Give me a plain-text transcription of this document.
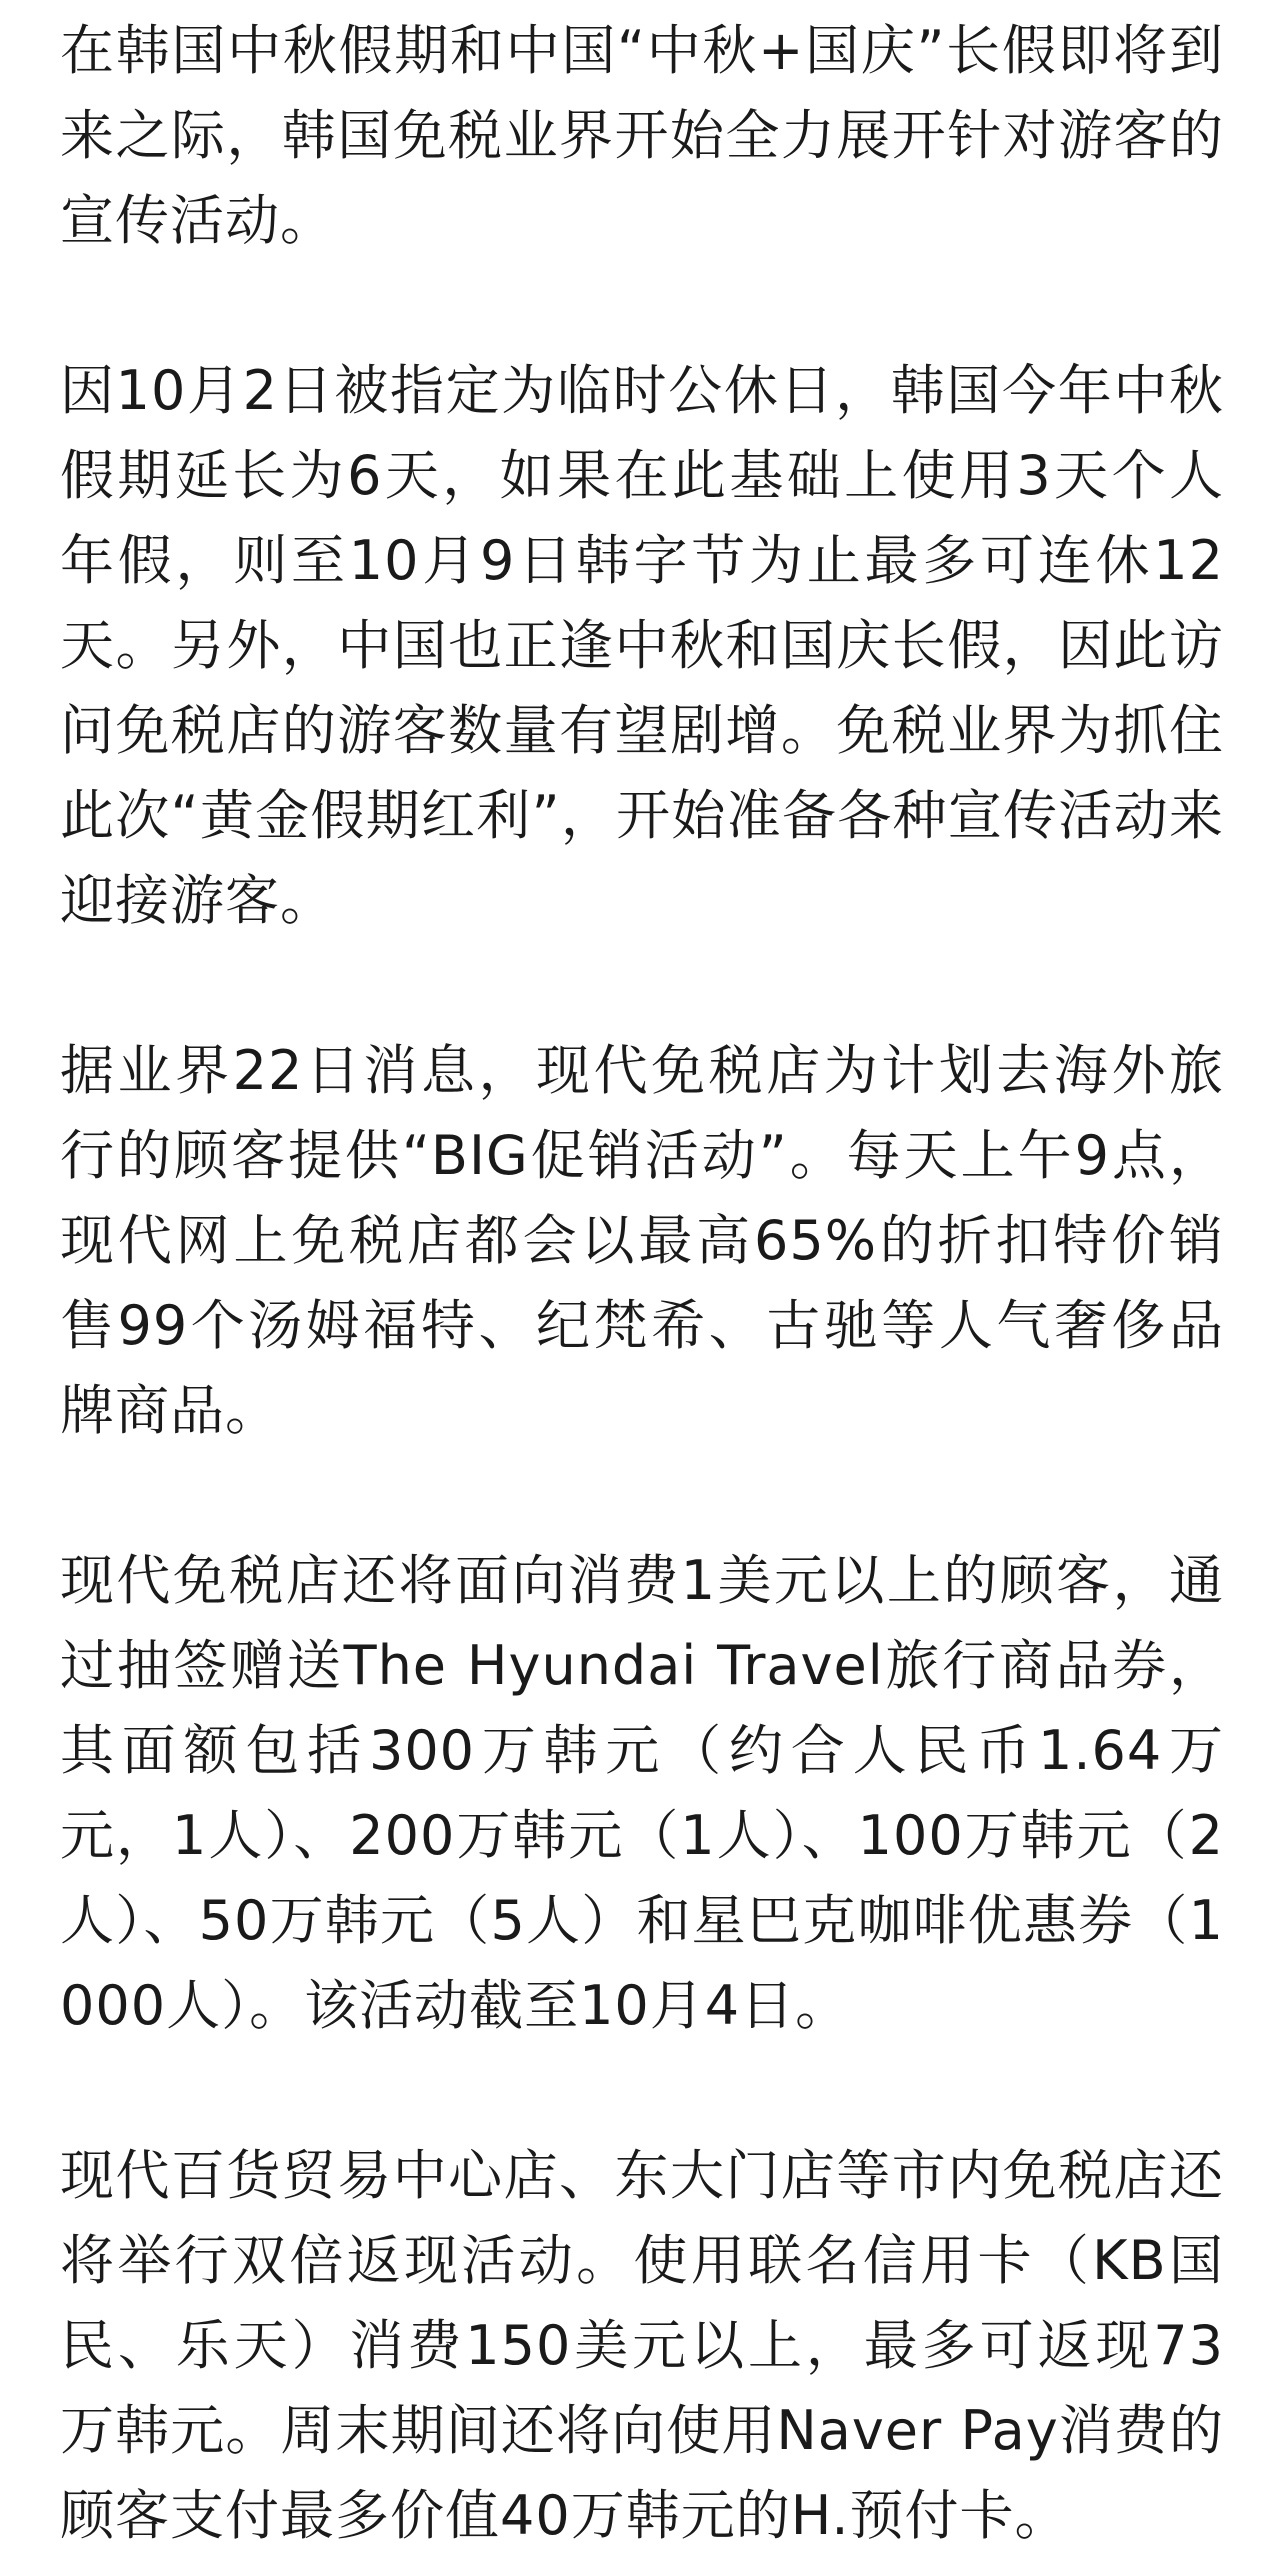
在韩国中秋假期和中国“中秋+国庆”长假即将到来之际，韩国免税业界开始全力展开针对游客的宣传活动。

因10月2日被指定为临时公休日，韩国今年中秋假期延长为6天，如果在此基础上使用3天个人年假，则至10月9日韩字节为止最多可连休12天。另外，中国也正逢中秋和国庆长假，因此访问免税店的游客数量有望剧增。免税业界为抓住此次“黄金假期红利”，开始准备各种宣传活动来迎接游客。

据业界22日消息，现代免税店为计划去海外旅行的顾客提供“BIG促销活动”。每天上午9点，现代网上免税店都会以最高65%的折扣特价销售99个汤姆福特、纪梵希、古驰等人气奢侈品牌商品。

现代免税店还将面向消费1美元以上的顾客，通过抽签赠送The Hyundai Travel旅行商品券，其面额包括300万韩元（约合人民币1.64万元，1人）、200万韩元（1人）、100万韩元（2人）、50万韩元（5人）和星巴克咖啡优惠券（1000人）。该活动截至10月4日。

现代百货贸易中心店、东大门店等市内免税店还将举行双倍返现活动。使用联名信用卡（KB国民、乐天）消费150美元以上，最多可返现73万韩元。周末期间还将向使用Naver Pay消费的顾客支付最多价值40万韩元的H.预付卡。
